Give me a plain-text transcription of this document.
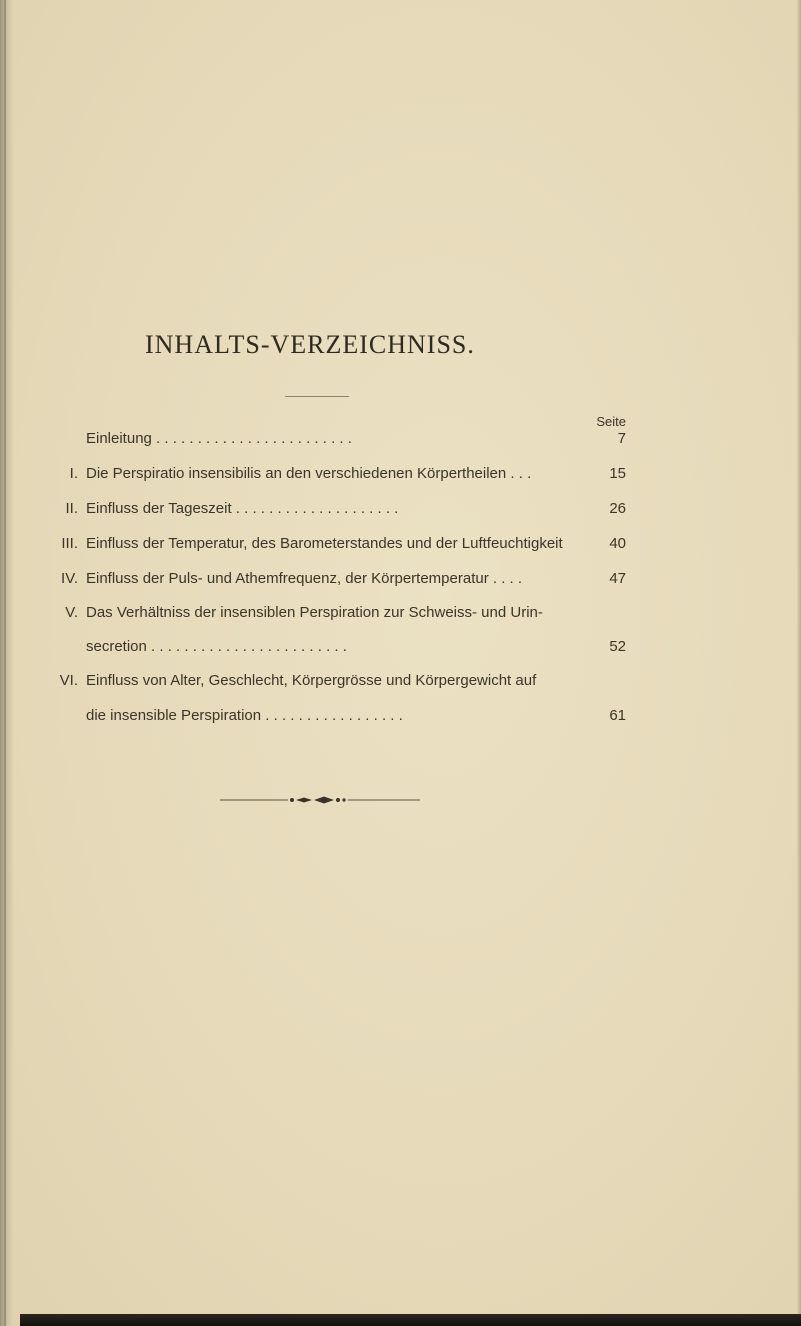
INHALTS-VERZEICHNISS.
Seite
Einleitung . . . . . . . . . . . . . . . . . . . . . . . .	7
I. Die Perspiratio insensibilis an den verschiedenen Körpertheilen . . .	15
II. Einfluss der Tageszeit . . . . . . . . . . . . . . . . . . . .	26
III. Einfluss der Temperatur, des Barometerstandes und der Luftfeuchtigkeit	40
IV. Einfluss der Puls- und Athemfrequenz, der Körpertemperatur . . . .	47
V. Das Verhältniss der insensiblen Perspiration zur Schweiss- und Urin-
secretion . . . . . . . . . . . . . . . . . . . . . . . .	52
VI. Einfluss von Alter, Geschlecht, Körpergrösse und Körpergewicht auf
die insensible Perspiration . . . . . . . . . . . . . . . . .	61
